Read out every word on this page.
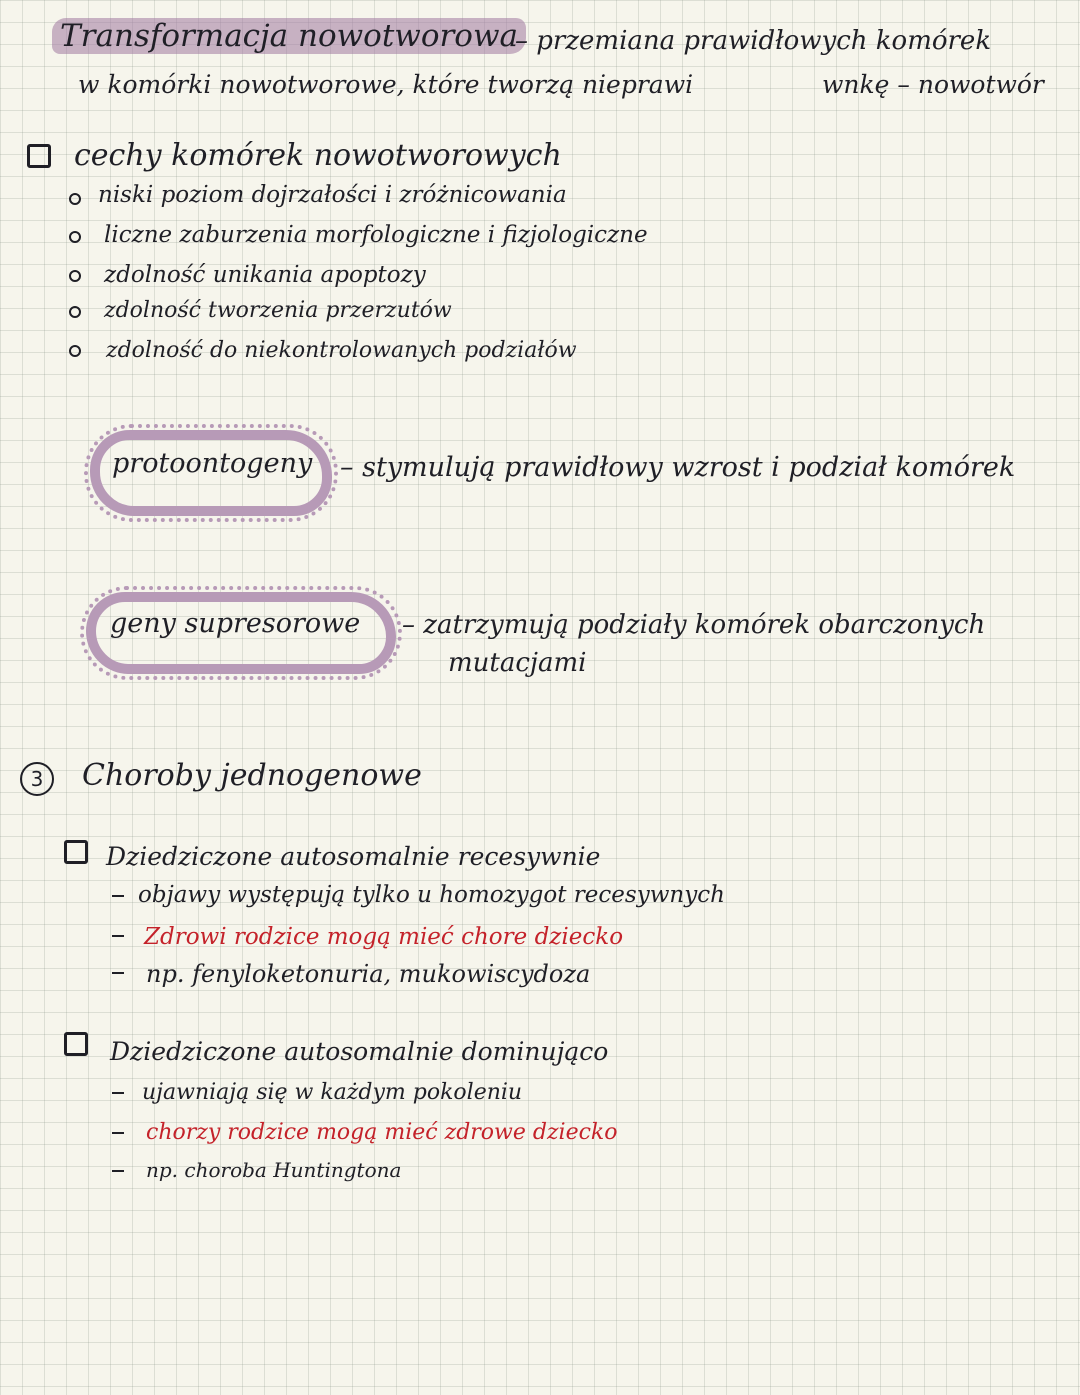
Transformacja nowotworowa
– przemiana prawidłowych komórek
w komórki nowotworowe, które tworzą nieprawi	wnkę – nowotwór
cechy komórek nowotworowych
niski poziom dojrzałości i zróżnicowania
liczne zaburzenia morfologiczne i fizjologiczne
zdolność unikania apoptozy
zdolność tworzenia przerzutów
zdolność do niekontrolowanych podziałów
protoontogeny – stymulują prawidłowy wzrost i podział komórek
geny supresorowe – zatrzymują podziały komórek obarczonych
mutacjami
3	Choroby jednogenowe
Dziedziczone autosomalnie recesywnie
objawy występują tylko u homozygot recesywnych
Zdrowi rodzice mogą mieć chore dziecko
np. fenyloketonuria, mukowiscydoza
Dziedziczone autosomalnie dominująco
ujawniają się w każdym pokoleniu
chorzy rodzice mogą mieć zdrowe dziecko
np. choroba Huntingtona
